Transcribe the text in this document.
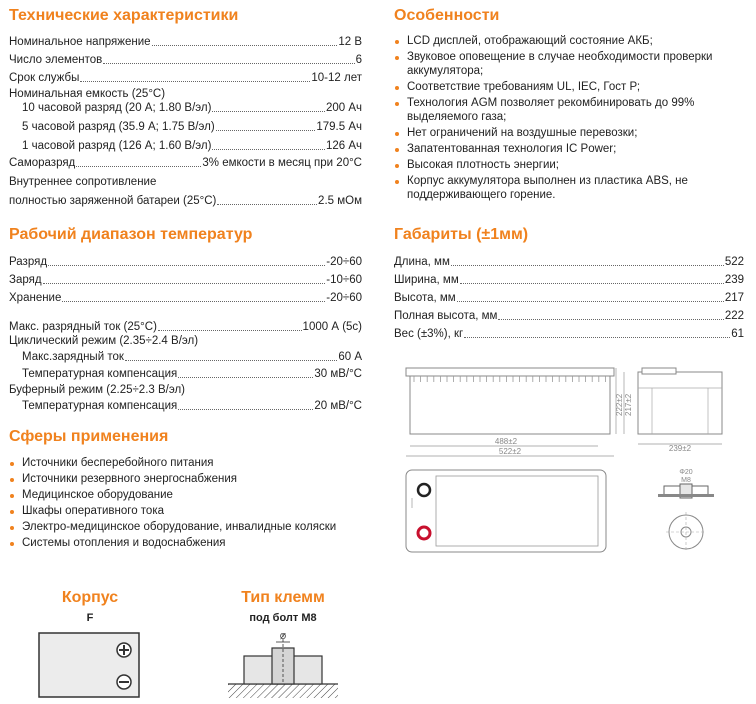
Технические характеристики
Номинальное напряжение	12 В
Число элементов	6
Срок службы	10-12 лет
Номинальная емкость (25°C)
10 часовой разряд (20 А; 1.80 В/эл)	200 Ач
5 часовой разряд (35.9 А; 1.75 В/эл)	179.5 Ач
1 часовой разряд (126 А; 1.60 В/эл)	126 Ач
Саморазряд	3% емкости в месяц при 20°C
Внутреннее сопротивление
полностью заряженной батареи (25°C)	2.5 мОм
Рабочий диапазон температур
Разряд	-20÷60
Заряд	-10÷60
Хранение	-20÷60
Макс. разрядный ток (25°C)	1000 А (5с)
Циклический режим (2.35÷2.4 В/эл)
Макс.зарядный ток	60 А
Температурная компенсация	30 мВ/°C
Буферный режим (2.25÷2.3 В/эл)
Температурная компенсация	20 мВ/°C
Сферы применения
Источники бесперебойного питания
Источники резервного энергоснабжения
Медицинское оборудование
Шкафы оперативного тока
Электро-медицинское оборудование, инвалидные коляски
Системы отопления и водоснабжения
Корпус
F
Тип клемм
под болт М8
Ø
Особенности
LCD дисплей, отображающий состояние АКБ;
Звуковое оповещение в случае необходимости проверки аккумулятора;
Соответствие требованиям UL, IEC, Гост Р;
Технология AGM позволяет рекомбинировать до 99% выделяемого газа;
Нет ограничений на воздушные перевозки;
Запатентованная технология IC Power;
Высокая плотность энергии;
Корпус аккумулятора выполнен из пластика ABS, не поддерживающего горение.
Габариты (±1мм)
Длина, мм	522
Ширина, мм	239
Высота, мм	217
Полная высота, мм	222
Вес (±3%), кг	61
488±2
522±2
222±2 217±2
239±2
Φ20
M8
